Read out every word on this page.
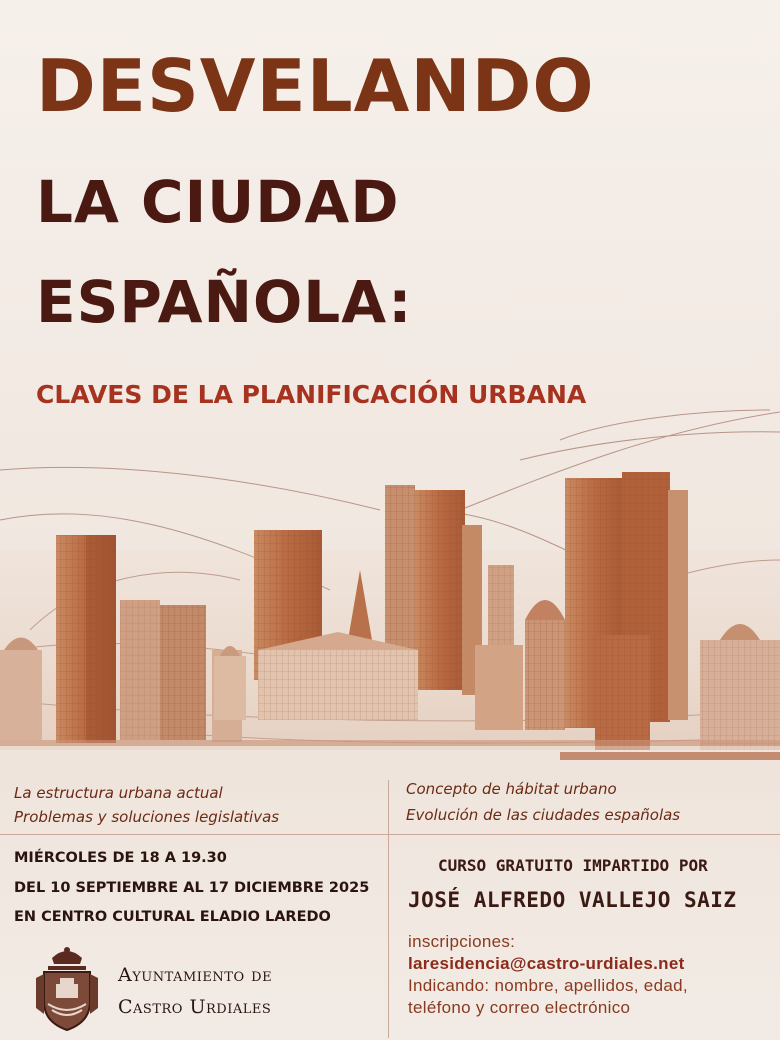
DESVELANDO
LA CIUDAD
ESPAÑOLA:
CLAVES DE LA PLANIFICACIÓN URBANA
La estructura urbana actual
Problemas y soluciones legislativas
Concepto de hábitat urbano
Evolución de las ciudades españolas
MIÉRCOLES DE 18 A 19.30
DEL 10 SEPTIEMBRE AL 17 DICIEMBRE 2025
EN CENTRO CULTURAL ELADIO LAREDO
CURSO GRATUITO IMPARTIDO POR
JOSÉ ALFREDO VALLEJO SAIZ
inscripciones:
laresidencia@castro-urdiales.net
Indicando: nombre, apellidos, edad,
teléfono y correo electrónico
Ayuntamiento de
Castro Urdiales
